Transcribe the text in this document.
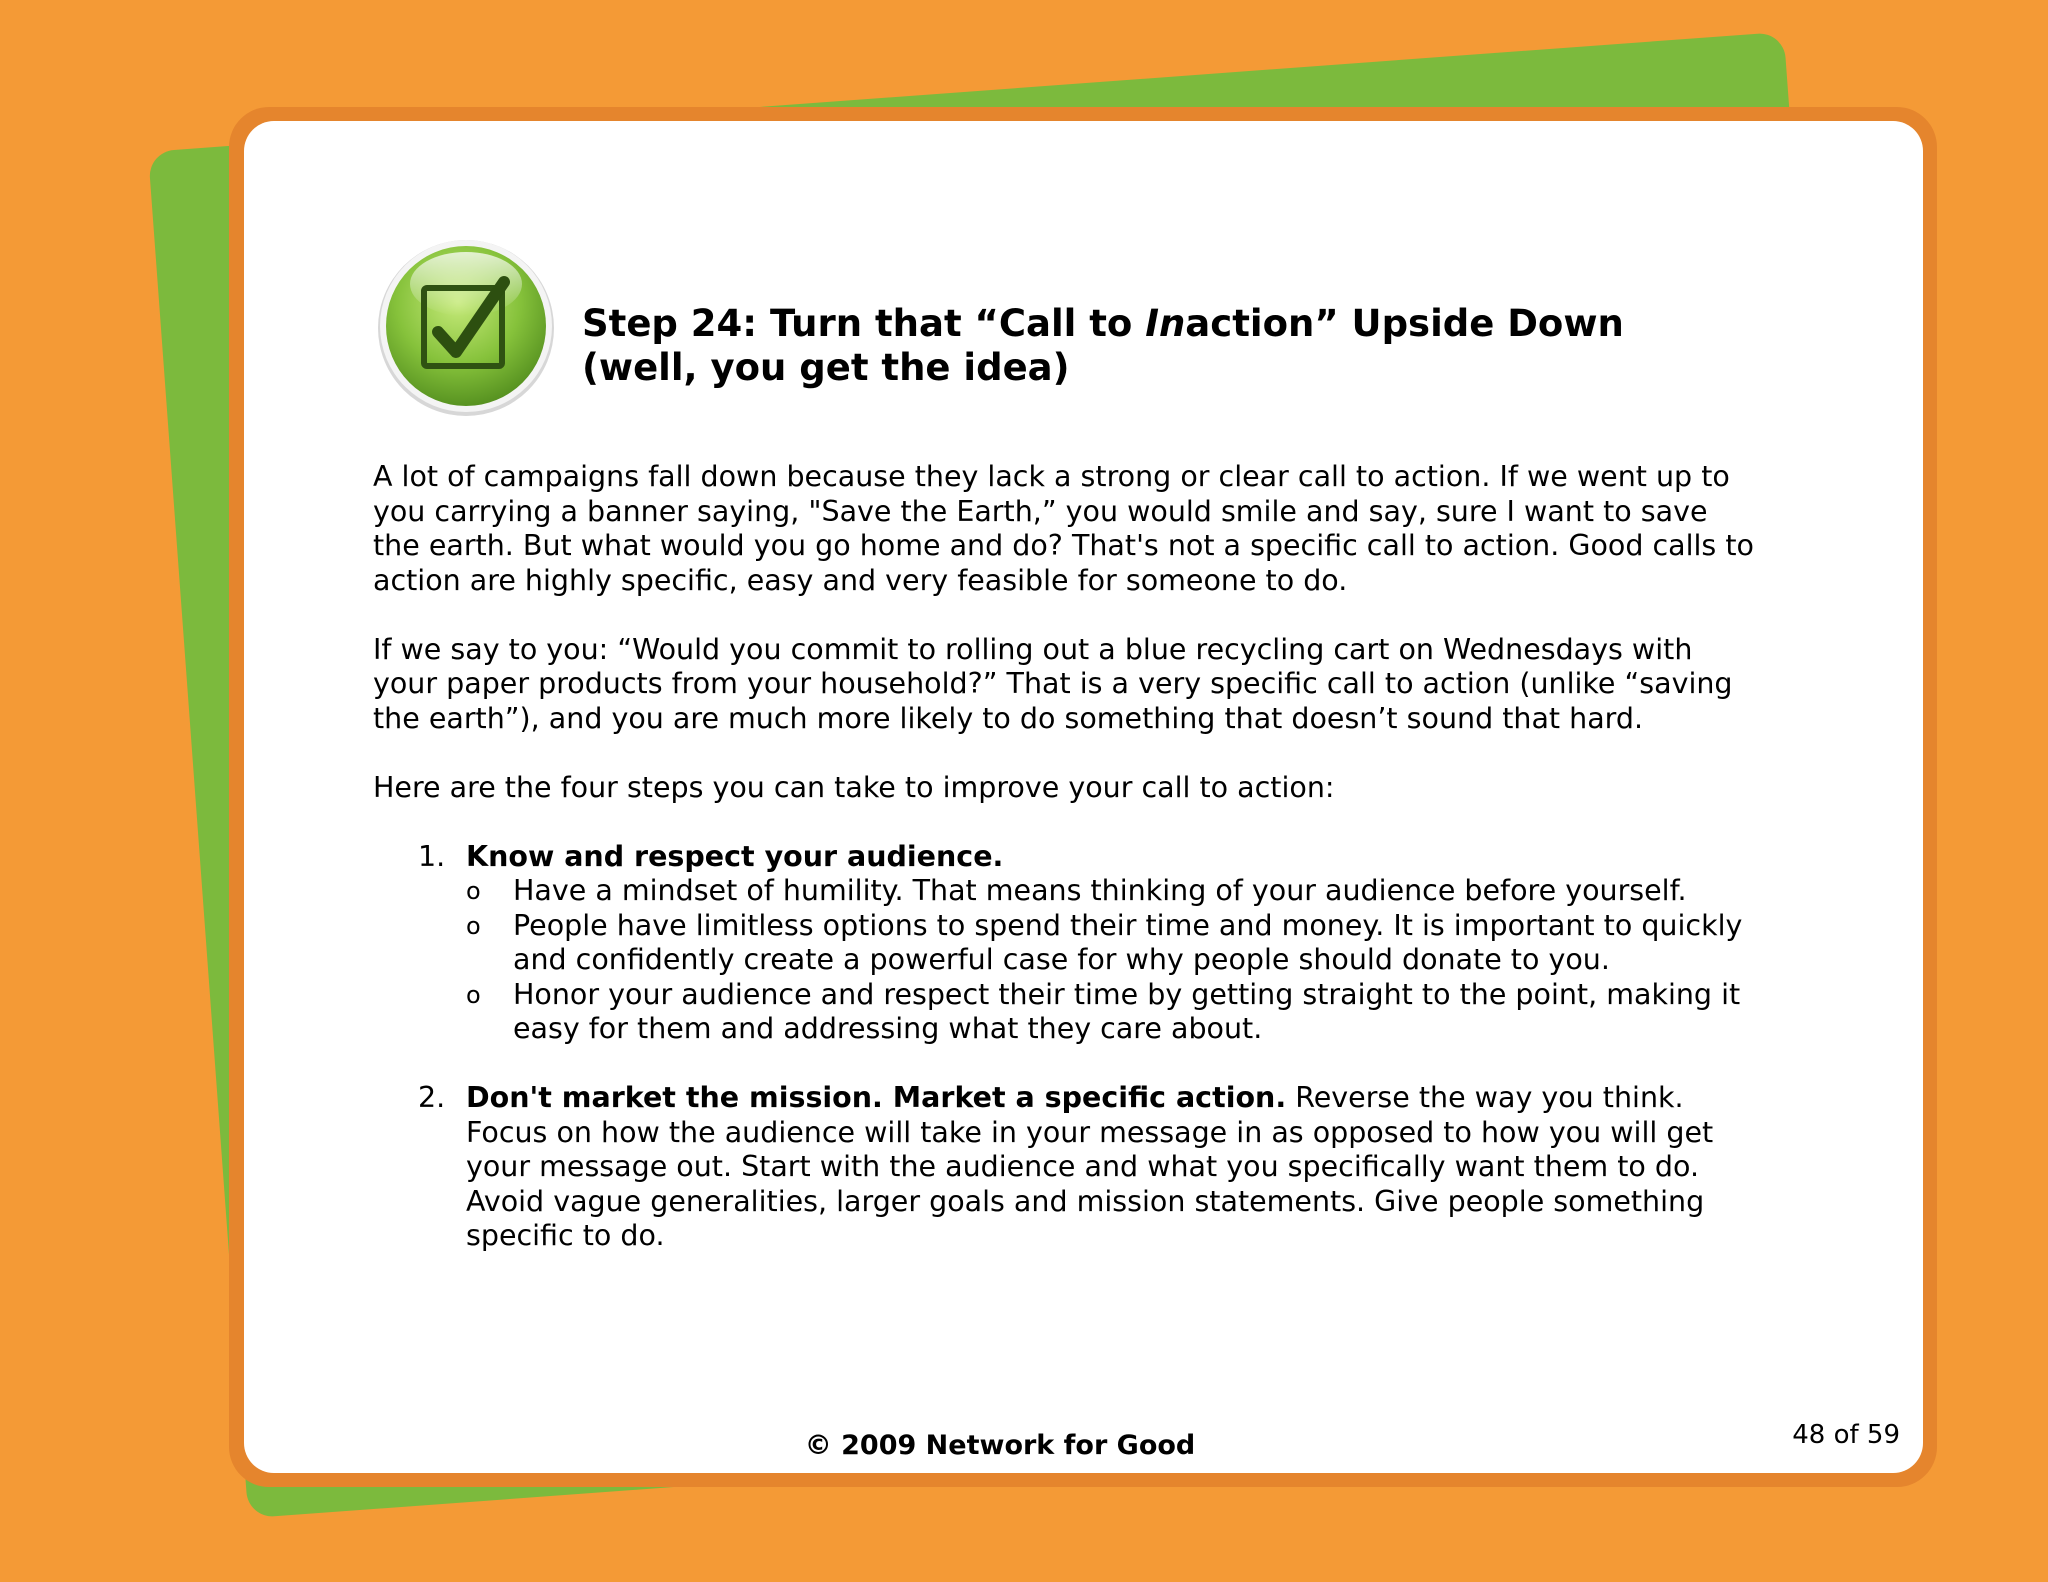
Step 24: Turn that “Call to Inaction” Upside Down
(well, you get the idea)

A lot of campaigns fall down because they lack a strong or clear call to action. If we went up to
you carrying a banner saying, "Save the Earth,” you would smile and say, sure I want to save
the earth. But what would you go home and do? That's not a specific call to action. Good calls to
action are highly specific, easy and very feasible for someone to do.

If we say to you: “Would you commit to rolling out a blue recycling cart on Wednesdays with
your paper products from your household?” That is a very specific call to action (unlike “saving
the earth”), and you are much more likely to do something that doesn’t sound that hard.

Here are the four steps you can take to improve your call to action:

1. Know and respect your audience.
o Have a mindset of humility. That means thinking of your audience before yourself.
o People have limitless options to spend their time and money. It is important to quickly
and confidently create a powerful case for why people should donate to you.
o Honor your audience and respect their time by getting straight to the point, making it
easy for them and addressing what they care about.
2. Don't market the mission. Market a specific action. Reverse the way you think.
Focus on how the audience will take in your message in as opposed to how you will get
your message out. Start with the audience and what you specifically want them to do.
Avoid vague generalities, larger goals and mission statements. Give people something
specific to do.
© 2009 Network for Good	48 of 59
